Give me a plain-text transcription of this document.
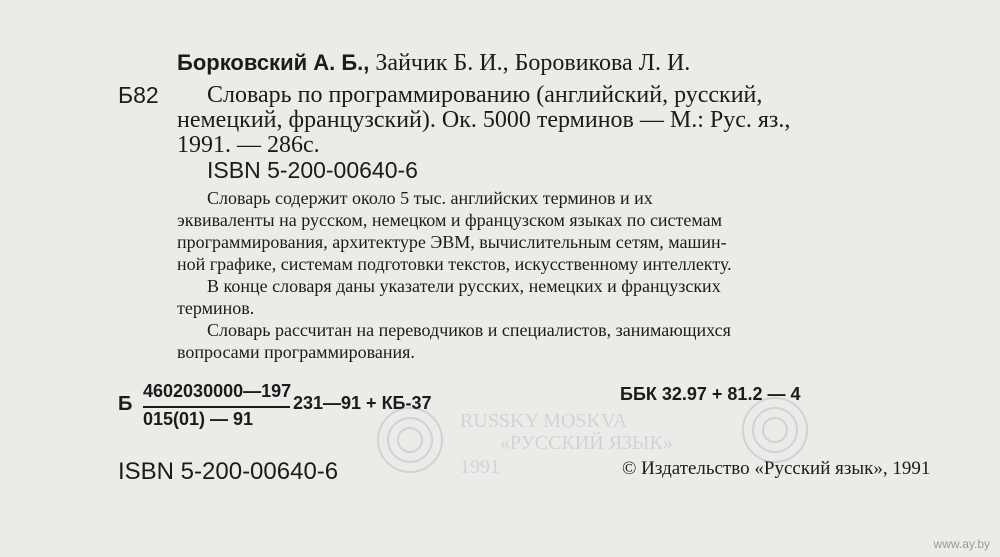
Борковский А. Б., Зайчик Б. И., Боровикова Л. И.

Б82 Словарь по программированию (английский, русский,

немецкий, французский). Ок. 5000 терминов — М.: Рус. яз.,

1991. — 286с.

ISBN 5-200-00640-6

Словарь содержит около 5 тыс. английских терминов и их

эквиваленты на русском, немецком и французском языках по системам

программирования, архитектуре ЭВМ, вычислительным сетям, машин-

ной графике, системам подготовки текстов, искусственному интеллекту.

В конце словаря даны указатели русских, немецких и французских

терминов.

Словарь рассчитан на переводчиков и специалистов, занимающихся

вопросами программирования.

Б

4602030000—197

015(01) — 91

231—91 + КБ-37	ББК 32.97 + 81.2 — 4

RUSSKY MOSKVA
«РУССКИЙ ЯЗЫК»
1991

ISBN 5-200-00640-6	© Издательство «Русский язык», 1991

www.ay.by
